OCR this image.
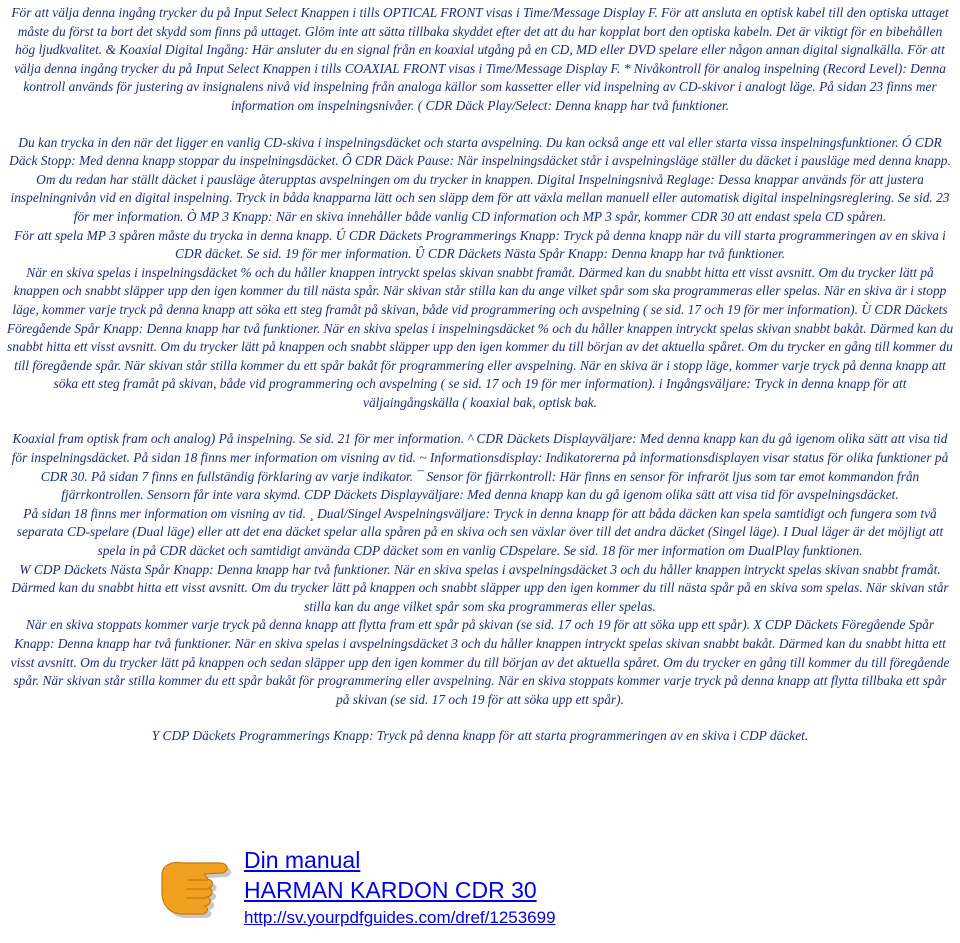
För att välja denna ingång trycker du på Input Select Knappen i tills OPTICAL FRONT visas i Time/Message Display F. För att ansluta en optisk kabel till den optiska uttaget måste du först ta bort det skydd som finns på uttaget. Glöm inte att sätta tillbaka skyddet efter det att du har kopplat bort den optiska kabeln. Det är viktigt för en bibehållen hög ljudkvalitet. & Koaxial Digital Ingång: Här ansluter du en signal från en koaxial utgång på en CD, MD eller DVD spelare eller någon annan digital signalkälla. För att välja denna ingång trycker du på Input Select Knappen i tills COAXIAL FRONT visas i Time/Message Display F. * Nivåkontroll för analog inspelning (Record Level): Denna kontroll används för justering av insignalens nivå vid inspelning från analoga källor som kassetter eller vid inspelning av CD-skivor i analogt läge. På sidan 23 finns mer information om inspelningsnivåer. ( CDR Däck Play/Select: Denna knapp har två funktioner.

Du kan trycka in den när det ligger en vanlig CD-skiva i inspelningsdäcket och starta avspelning. Du kan också ange ett val eller starta vissa inspelningsfunktioner. Ó CDR Däck Stopp: Med denna knapp stoppar du inspelningsdäcket. Ô CDR Däck Pause: När inspelningsdäcket står i avspelningsläge ställer du däcket i pausläge med denna knapp. Om du redan har ställt däcket i pausläge återupptas avspelningen om du trycker in knappen. Digital Inspelningsnivå Reglage: Dessa knappar används för att justera inspelningnivån vid en digital inspelning. Tryck in båda knapparna lätt och sen släpp dem för att växla mellan manuell eller automatisk digital inspelningsreglering. Se sid. 23 för mer information. Ò MP 3 Knapp: När en skiva innehåller både vanlig CD information och MP 3 spår, kommer CDR 30 att endast spela CD spåren.

För att spela MP 3 spåren måste du trycka in denna knapp. Ú CDR Däckets Programmerings Knapp: Tryck på denna knapp när du vill starta programmeringen av en skiva i CDR däcket. Se sid. 19 för mer information. Û CDR Däckets Nästa Spår Knapp: Denna knapp har två funktioner.

När en skiva spelas i inspelningsdäcket % och du håller knappen intryckt spelas skivan snabbt framåt. Därmed kan du snabbt hitta ett visst avsnitt. Om du trycker lätt på knappen och snabbt släpper upp den igen kommer du till nästa spår. När skivan står stilla kan du ange vilket spår som ska programmeras eller spelas. När en skiva är i stopp läge, kommer varje tryck på denna knapp att söka ett steg framåt på skivan, både vid programmering och avspelning ( se sid. 17 och 19 för mer information). Ù CDR Däckets Föregående Spår Knapp: Denna knapp har två funktioner. När en skiva spelas i inspelningsdäcket % och du håller knappen intryckt spelas skivan snabbt bakåt. Därmed kan du snabbt hitta ett visst avsnitt. Om du trycker lätt på knappen och snabbt släpper upp den igen kommer du till början av det aktuella spåret. Om du trycker en gång till kommer du till föregående spår. När skivan står stilla kommer du ett spår bakåt för programmering eller avspelning. När en skiva är i stopp läge, kommer varje tryck på denna knapp att söka ett steg framåt på skivan, både vid programmering och avspelning ( se sid. 17 och 19 för mer information). i Ingångsväljare: Tryck in denna knapp för att väljaingångskälla ( koaxial bak, optisk bak.

Koaxial fram optisk fram och analog) På inspelning. Se sid. 21 för mer information. ^ CDR Däckets Displayväljare: Med denna knapp kan du gå igenom olika sätt att visa tid för inspelningsdäcket. På sidan 18 finns mer information om visning av tid. ~ Informationsdisplay: Indikatorerna på informationsdisplayen visar status för olika funktioner på CDR 30. På sidan 7 finns en fullständig förklaring av varje indikator. ¯ Sensor för fjärrkontroll: Här finns en sensor för infraröt ljus som tar emot kommandon från fjärrkontrollen. Sensorn får inte vara skymd. CDP Däckets Displayväljare: Med denna knapp kan du gå igenom olika sätt att visa tid för avspelningsdäcket.

På sidan 18 finns mer information om visning av tid. ¸ Dual/Singel Avspelningsväljare: Tryck in denna knapp för att båda däcken kan spela samtidigt och fungera som två separata CD-spelare (Dual läge) eller att det ena däcket spelar alla spåren på en skiva och sen växlar över till det andra däcket (Singel läge). I Dual läger är det möjligt att spela in på CDR däcket och samtidigt använda CDP däcket som en vanlig CDspelare. Se sid. 18 för mer information om DualPlay funktionen.

W CDP Däckets Nästa Spår Knapp: Denna knapp har två funktioner. När en skiva spelas i avspelningsdäcket 3 och du håller knappen intryckt spelas skivan snabbt framåt. Därmed kan du snabbt hitta ett visst avsnitt. Om du trycker lätt på knappen och snabbt släpper upp den igen kommer du till nästa spår på en skiva som spelas. När skivan står stilla kan du ange vilket spår som ska programmeras eller spelas.

När en skiva stoppats kommer varje tryck på denna knapp att flytta fram ett spår på skivan (se sid. 17 och 19 för att söka upp ett spår). X CDP Däckets Föregående Spår Knapp: Denna knapp har två funktioner. När en skiva spelas i avspelningsdäcket 3 och du håller knappen intryckt spelas skivan snabbt bakåt. Därmed kan du snabbt hitta ett visst avsnitt. Om du trycker lätt på knappen och sedan släpper upp den igen kommer du till början av det aktuella spåret. Om du trycker en gång till kommer du till föregående spår. När skivan står stilla kommer du ett spår bakåt för programmering eller avspelning. När en skiva stoppats kommer varje tryck på denna knapp att flytta tillbaka ett spår på skivan (se sid. 17 och 19 för att söka upp ett spår).

Y CDP Däckets Programmerings Knapp: Tryck på denna knapp för att starta programmeringen av en skiva i CDP däcket.

Din manual
HARMAN KARDON CDR 30
http://sv.yourpdfguides.com/dref/1253699
